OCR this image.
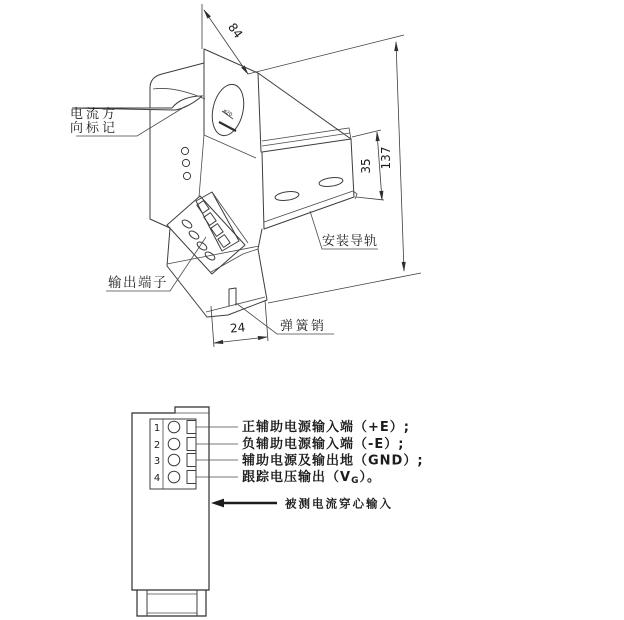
84
137
35
24
ø20
电流方
向标记
输出端子
安装导轨
弹簧销
1
2
3
4
正辅助电源输入端（+E）;
负辅助电源输入端（-E）;
辅助电源及输出地（GND）;
跟踪电压输出（VG）。
被测电流穿心输入
